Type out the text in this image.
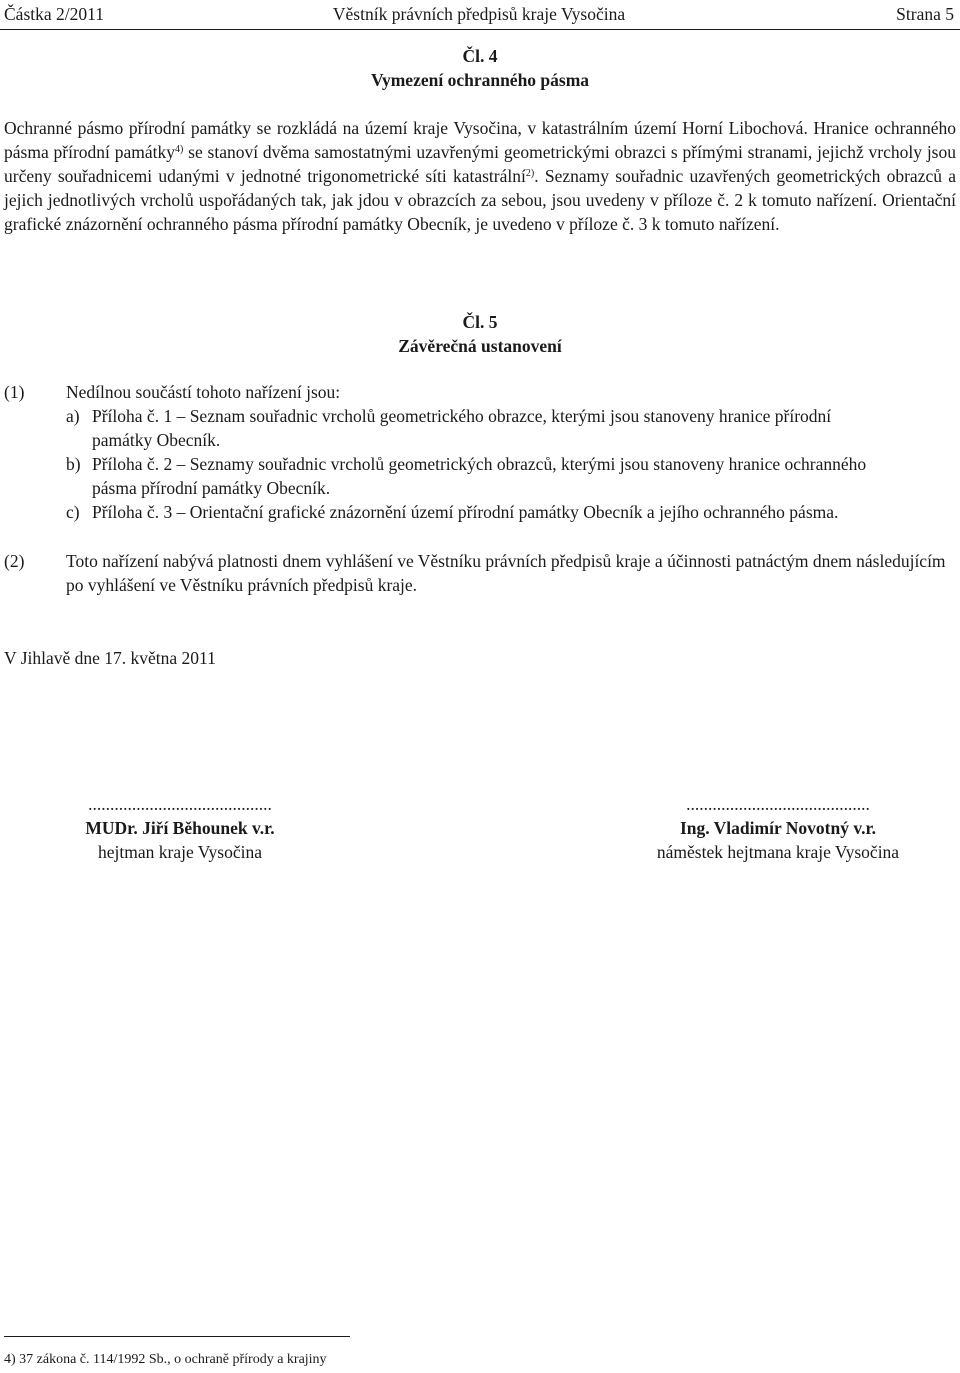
Částka 2/2011	Věstník právních předpisů kraje Vysočina	Strana 5
Čl. 4
Vymezení ochranného pásma
Ochranné pásmo přírodní památky se rozkládá na území kraje Vysočina, v katastrálním území Horní Libochová. Hranice ochranného pásma přírodní památky$^{4)}$ se stanoví dvěma samostatnými uzavřenými geometrickými obrazci s přímými stranami, jejichž vrcholy jsou určeny souřadnicemi udanými v jednotné trigonometrické síti katastrální$^{2)}$. Seznamy souřadnic uzavřených geometrických obrazců a jejich jednotlivých vrcholů uspořádaných tak, jak jdou v obrazcích za sebou, jsou uvedeny v příloze č. 2 k tomuto nařízení. Orientační grafické znázornění ochranného pásma přírodní památky Obecník, je uvedeno v příloze č. 3 k tomuto nařízení.
Čl. 5
Závěrečná ustanovení
(1) Nedílnou součástí tohoto nařízení jsou:
a) Příloha č. 1 – Seznam souřadnic vrcholů geometrického obrazce, kterými jsou stanoveny hranice přírodní
památky Obecník.
b) Příloha č. 2 – Seznamy souřadnic vrcholů geometrických obrazců, kterými jsou stanoveny hranice ochranného
pásma přírodní památky Obecník.
c) Příloha č. 3 – Orientační grafické znázornění území přírodní památky Obecník a jejího ochranného pásma.
(2) Toto nařízení nabývá platnosti dnem vyhlášení ve Věstníku právních předpisů kraje a účinnosti patnáctým dnem následujícím po vyhlášení ve Věstníku právních předpisů kraje.
V Jihlavě dne 17. května 2011
..........................................
MUDr. Jiří Běhounek v.r.
hejtman kraje Vysočina
..........................................
Ing. Vladimír Novotný v.r.
náměstek hejtmana kraje Vysočina
4) 37 zákona č. 114/1992 Sb., o ochraně přírody a krajiny
